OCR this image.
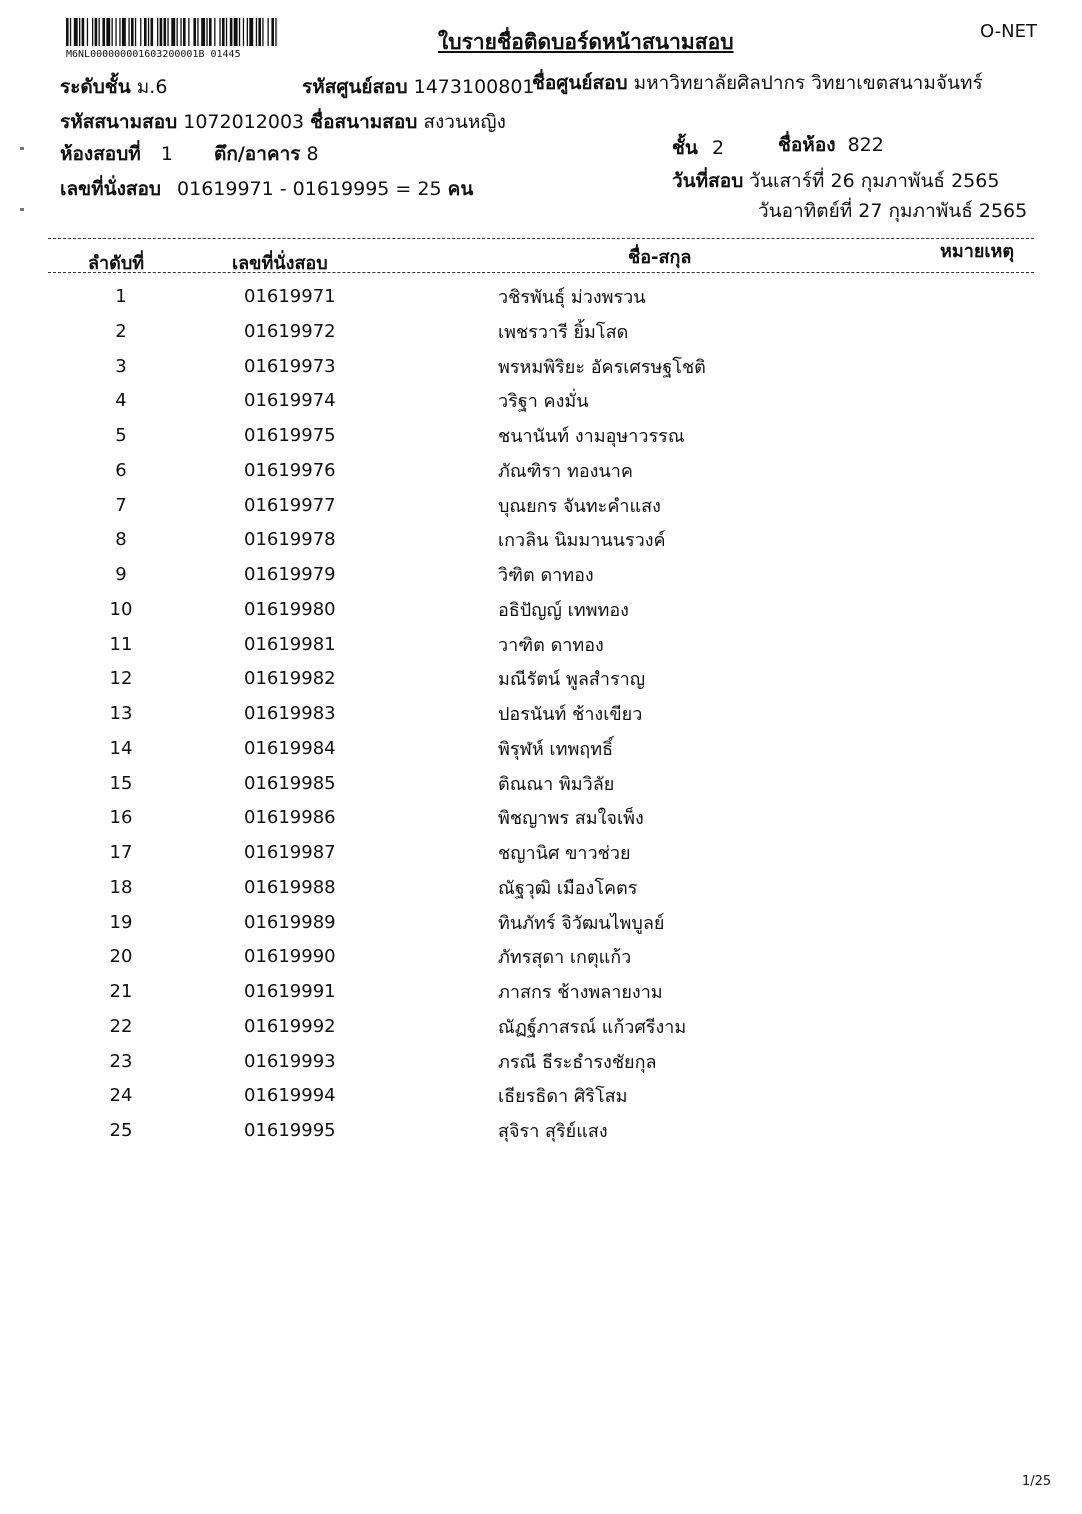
M6NL000000001603200001B 01445
ใบรายชื่อติดบอร์ดหน้าสนามสอบ	O-NET
ระดับชั้น ม.6	รหัสศูนย์สอบ 1473100801
ชื่อศูนย์สอบ มหาวิทยาลัยศิลปากร วิทยาเขตสนามจันทร์
รหัสสนามสอบ 1072012003 ชื่อสนามสอบ สงวนหญิง
ห้องสอบที่ 1 ตึก/อาคาร 8	ชั้น 2	ชื่อห้อง 822
เลขที่นั่งสอบ 01619971 - 01619995 = 25 คน	วันที่สอบ วันเสาร์ที่ 26 กุมภาพันธ์ 2565
วันอาทิตย์ที่ 27 กุมภาพันธ์ 2565
ลำดับที่	เลขที่นั่งสอบ	ชื่อ-สกุล	หมายเหตุ
1	01619971	วชิรพันธุ์ ม่วงพรวน
2	01619972	เพชรวารี ยิ้มโสด
3	01619973	พรหมพิริยะ อัครเศรษฐโชติ
4	01619974	วริฐา คงมั่น
5	01619975	ชนานันท์ งามอุษาวรรณ
6	01619976	ภัณฑิรา ทองนาค
7	01619977	บุณยกร จันทะคำแสง
8	01619978	เกวลิน นิมมานนรวงค์
9	01619979	วิฑิต ดาทอง
10	01619980	อธิปัญญ์ เทพทอง
11	01619981	วาฑิต ดาทอง
12	01619982	มณีรัตน์ พูลสำราญ
13	01619983	ปอรนันท์ ช้างเขียว
14	01619984	พิรุฬห์ เทพฤทธิ์
15	01619985	ติณณา พิมวิลัย
16	01619986	พิชญาพร สมใจเพ็ง
17	01619987	ชญานิศ ขาวช่วย
18	01619988	ณัฐวุฒิ เมืองโคตร
19	01619989	ทินภัทร์ จิวัฒนไพบูลย์
20	01619990	ภัทรสุดา เกตุแก้ว
21	01619991	ภาสกร ช้างพลายงาม
22	01619992	ณัฏฐ์ภาสรณ์ แก้วศรีงาม
23	01619993	ภรณี ธีระธำรงชัยกุล
24	01619994	เธียรธิดา ศิริโสม
25	01619995	สุจิรา สุริย์แสง
1/25
